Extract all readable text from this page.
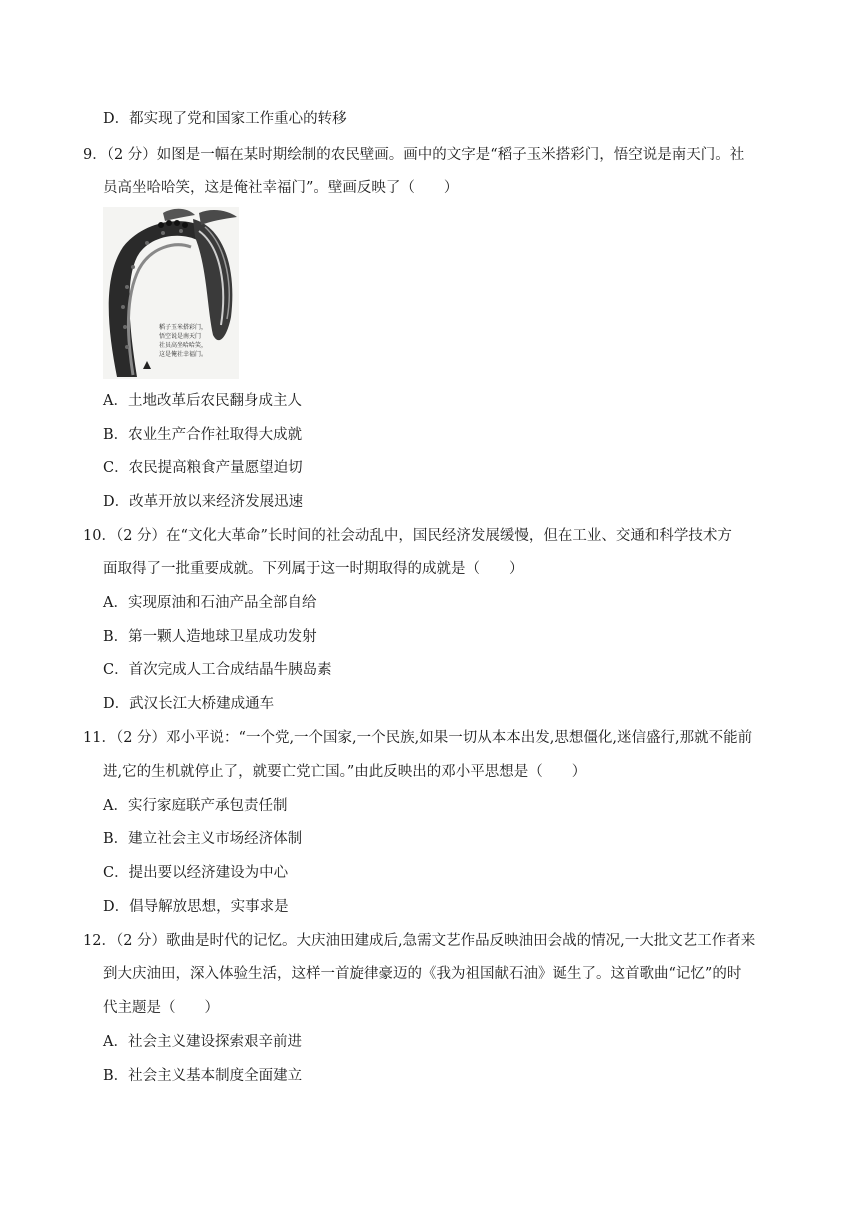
D．都实现了党和国家工作重心的转移
9．（2 分）如图是一幅在某时期绘制的农民壁画。画中的文字是“稻子玉米搭彩门，悟空说是南天门。社
员高坐哈哈笑，这是俺社幸福门”。壁画反映了（　　）
稻子玉米搭彩门，
悟空说是南天门
社员高坐哈哈笑，
这是俺社幸福门。
A．土地改革后农民翻身成主人
B．农业生产合作社取得大成就
C．农民提高粮食产量愿望迫切
D．改革开放以来经济发展迅速
10．（2 分）在“文化大革命”长时间的社会动乱中，国民经济发展缓慢，但在工业、交通和科学技术方
面取得了一批重要成就。下列属于这一时期取得的成就是（　　）
A．实现原油和石油产品全部自给
B．第一颗人造地球卫星成功发射
C．首次完成人工合成结晶牛胰岛素
D．武汉长江大桥建成通车
11．（2 分）邓小平说：“一个党,一个国家,一个民族,如果一切从本本出发,思想僵化,迷信盛行,那就不能前
进,它的生机就停止了，就要亡党亡国。”由此反映出的邓小平思想是（　　）
A．实行家庭联产承包责任制
B．建立社会主义市场经济体制
C．提出要以经济建设为中心
D．倡导解放思想，实事求是
12．（2 分）歌曲是时代的记忆。大庆油田建成后,急需文艺作品反映油田会战的情况,一大批文艺工作者来
到大庆油田，深入体验生活，这样一首旋律豪迈的《我为祖国献石油》诞生了。这首歌曲“记忆”的时
代主题是（　　）
A．社会主义建设探索艰辛前进
B．社会主义基本制度全面建立
